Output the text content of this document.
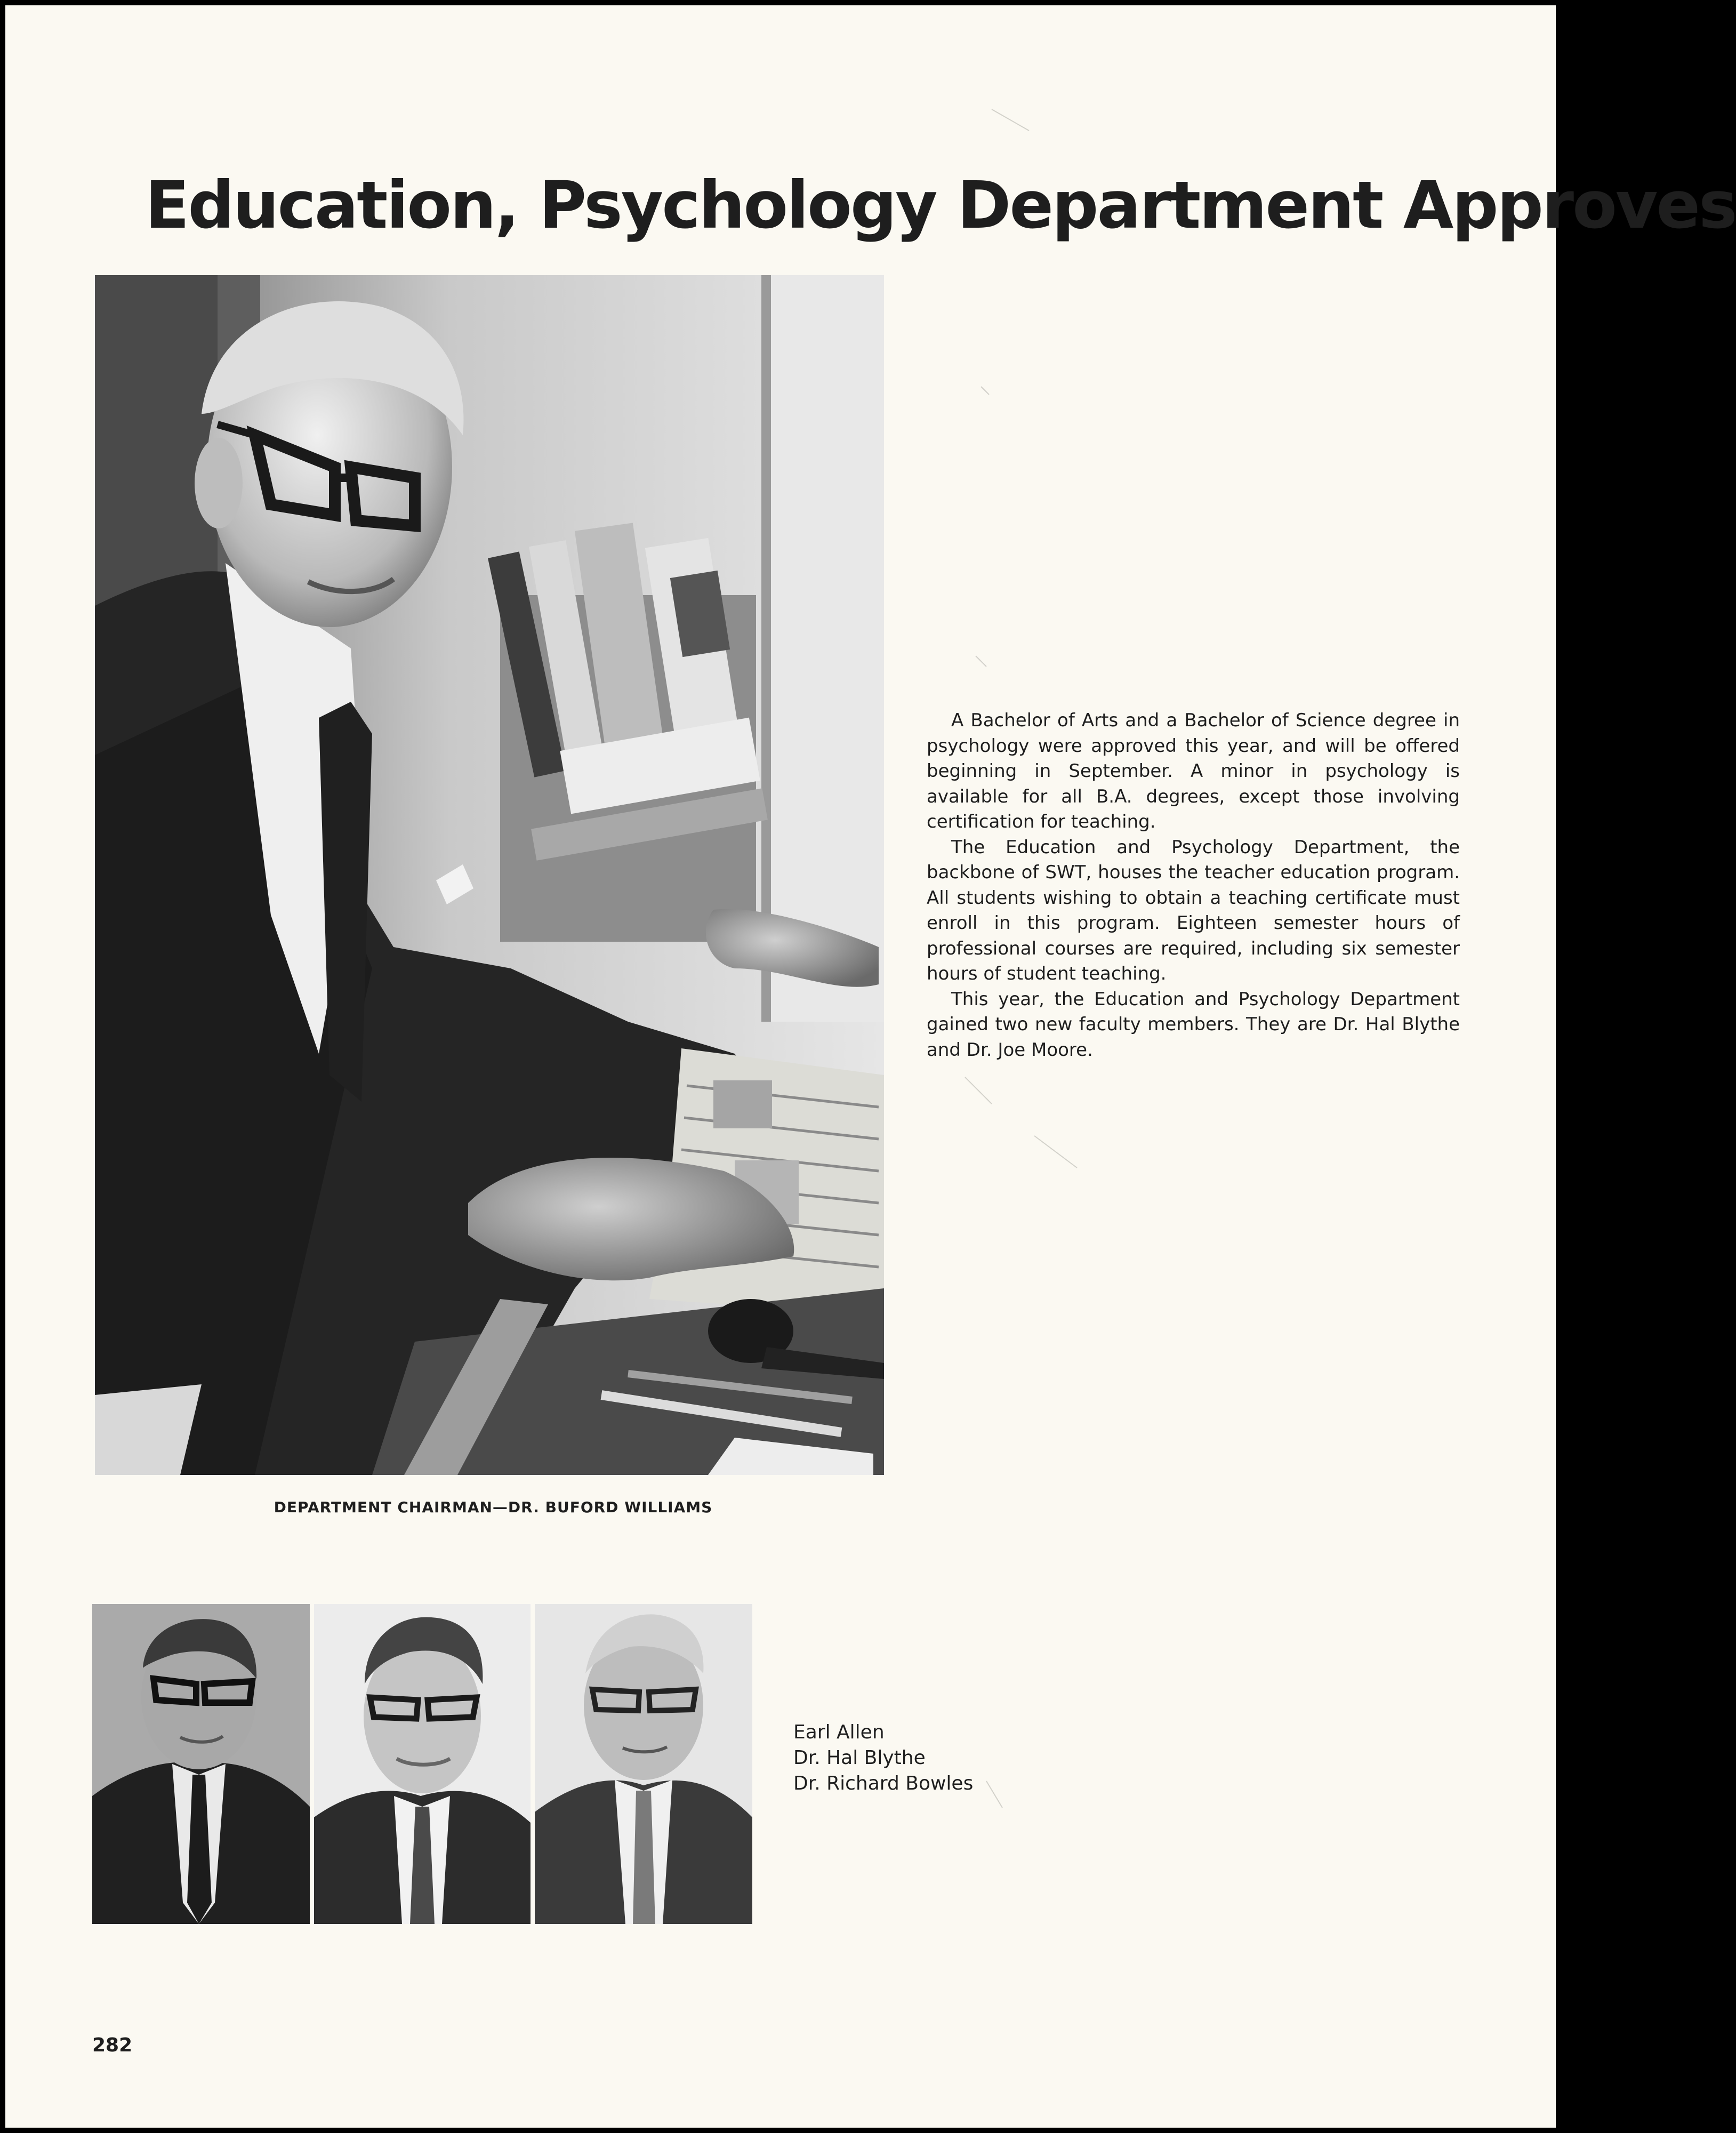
Education, Psychology Department Approves

DEPARTMENT CHAIRMAN—DR. BUFORD WILLIAMS

A Bachelor of Arts and a Bachelor of Science degree in psychology were approved this year, and will be offered beginning in September. A minor in psychology is available for all B.A. degrees, except those involving certification for teaching.

The Education and Psychology Department, the backbone of SWT, houses the teacher education program. All students wishing to obtain a teaching certificate must enroll in this program. Eighteen semester hours of professional courses are required, including six semester hours of student teaching.

This year, the Education and Psychology Department gained two new faculty members. They are Dr. Hal Blythe and Dr. Joe Moore.

Earl Allen
Dr. Hal Blythe
Dr. Richard Bowles

282
